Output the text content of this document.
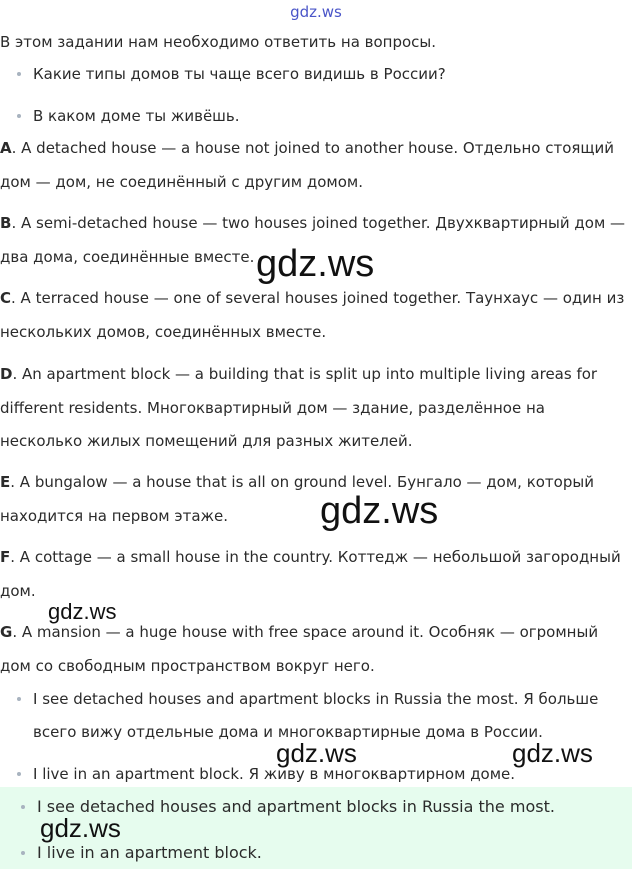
gdz.ws
В этом задании нам необходимо ответить на вопросы.
Какие типы домов ты чаще всего видишь в России?
В каком доме ты живёшь.
A. A detached house — a house not joined to another house. Отдельно стоящий
дом — дом, не соединённый с другим домом.
B. A semi-detached house — two houses joined together. Двухквартирный дом —
два дома, соединённые вместе.
C. A terraced house — one of several houses joined together. Таунхаус — один из
нескольких домов, соединённых вместе.
D. An apartment block — a building that is split up into multiple living areas for
different residents. Многоквартирный дом — здание, разделённое на
несколько жилых помещений для разных жителей.
E. A bungalow — a house that is all on ground level. Бунгало — дом, который
находится на первом этаже.
F. A cottage — a small house in the country. Коттедж — небольшой загородный
дом.
G. A mansion — a huge house with free space around it. Особняк — огромный
дом со свободным пространством вокруг него.
I see detached houses and apartment blocks in Russia the most. Я больше
всего вижу отдельные дома и многоквартирные дома в России.
I live in an apartment block. Я живу в многоквартирном доме.
I see detached houses and apartment blocks in Russia the most.
I live in an apartment block.
gdz.ws
gdz.ws
gdz.ws
gdz.ws	gdz.ws
gdz.ws
